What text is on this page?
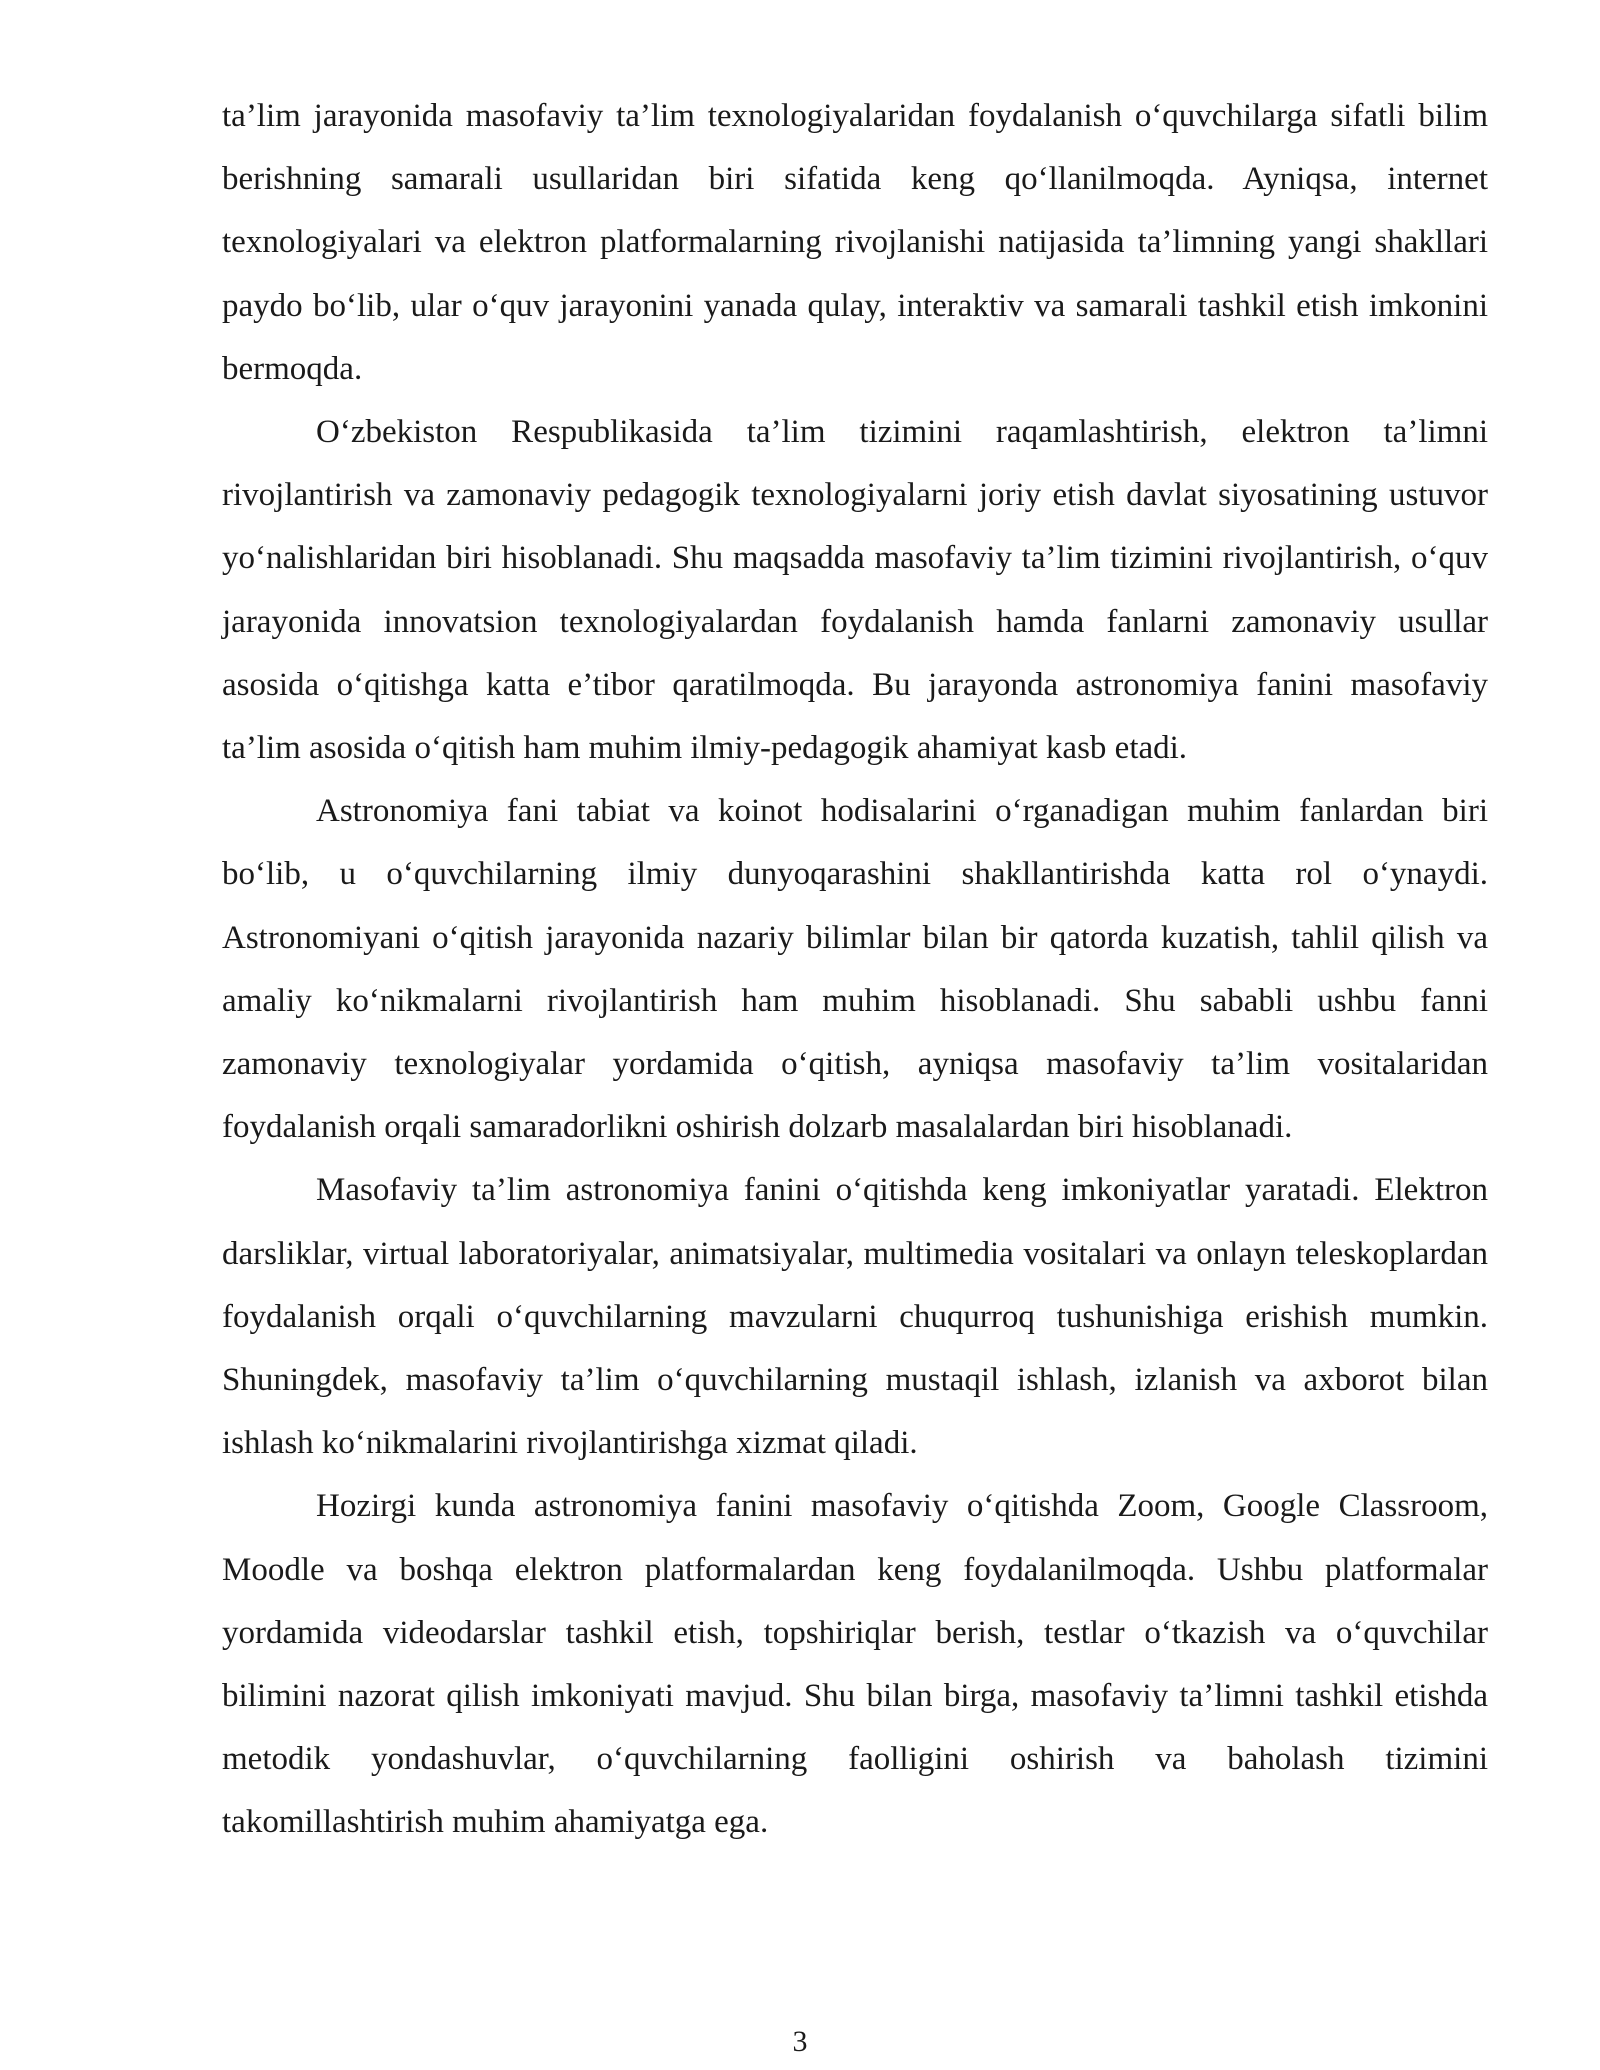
ta’lim jarayonida masofaviy ta’lim texnologiyalaridan foydalanish o‘quvchilarga sifatli bilim berishning samarali usullaridan biri sifatida keng qo‘llanilmoqda. Ayniqsa, internet texnologiyalari va elektron platformalarning rivojlanishi natijasida ta’limning yangi shakllari paydo bo‘lib, ular o‘quv jarayonini yanada qulay, interaktiv va samarali tashkil etish imkonini bermoqda.

O‘zbekiston Respublikasida ta’lim tizimini raqamlashtirish, elektron ta’limni rivojlantirish va zamonaviy pedagogik texnologiyalarni joriy etish davlat siyosatining ustuvor yo‘nalishlaridan biri hisoblanadi. Shu maqsadda masofaviy ta’lim tizimini rivojlantirish, o‘quv jarayonida innovatsion texnologiyalardan foydalanish hamda fanlarni zamonaviy usullar asosida o‘qitishga katta e’tibor qaratilmoqda. Bu jarayonda astronomiya fanini masofaviy ta’lim asosida o‘qitish ham muhim ilmiy-pedagogik ahamiyat kasb etadi.

Astronomiya fani tabiat va koinot hodisalarini o‘rganadigan muhim fanlardan biri bo‘lib, u o‘quvchilarning ilmiy dunyoqarashini shakllantirishda katta rol o‘ynaydi. Astronomiyani o‘qitish jarayonida nazariy bilimlar bilan bir qatorda kuzatish, tahlil qilish va amaliy ko‘nikmalarni rivojlantirish ham muhim hisoblanadi. Shu sababli ushbu fanni zamonaviy texnologiyalar yordamida o‘qitish, ayniqsa masofaviy ta’lim vositalaridan foydalanish orqali samaradorlikni oshirish dolzarb masalalardan biri hisoblanadi.

Masofaviy ta’lim astronomiya fanini o‘qitishda keng imkoniyatlar yaratadi. Elektron darsliklar, virtual laboratoriyalar, animatsiyalar, multimedia vositalari va onlayn teleskoplardan foydalanish orqali o‘quvchilarning mavzularni chuqurroq tushunishiga erishish mumkin. Shuningdek, masofaviy ta’lim o‘quvchilarning mustaqil ishlash, izlanish va axborot bilan ishlash ko‘nikmalarini rivojlantirishga xizmat qiladi.

Hozirgi kunda astronomiya fanini masofaviy o‘qitishda Zoom, Google Classroom, Moodle va boshqa elektron platformalardan keng foydalanilmoqda. Ushbu platformalar yordamida videodarslar tashkil etish, topshiriqlar berish, testlar o‘tkazish va o‘quvchilar bilimini nazorat qilish imkoniyati mavjud. Shu bilan birga, masofaviy ta’limni tashkil etishda metodik yondashuvlar, o‘quvchilarning faolligini oshirish va baholash tizimini takomillashtirish muhim ahamiyatga ega.

3
